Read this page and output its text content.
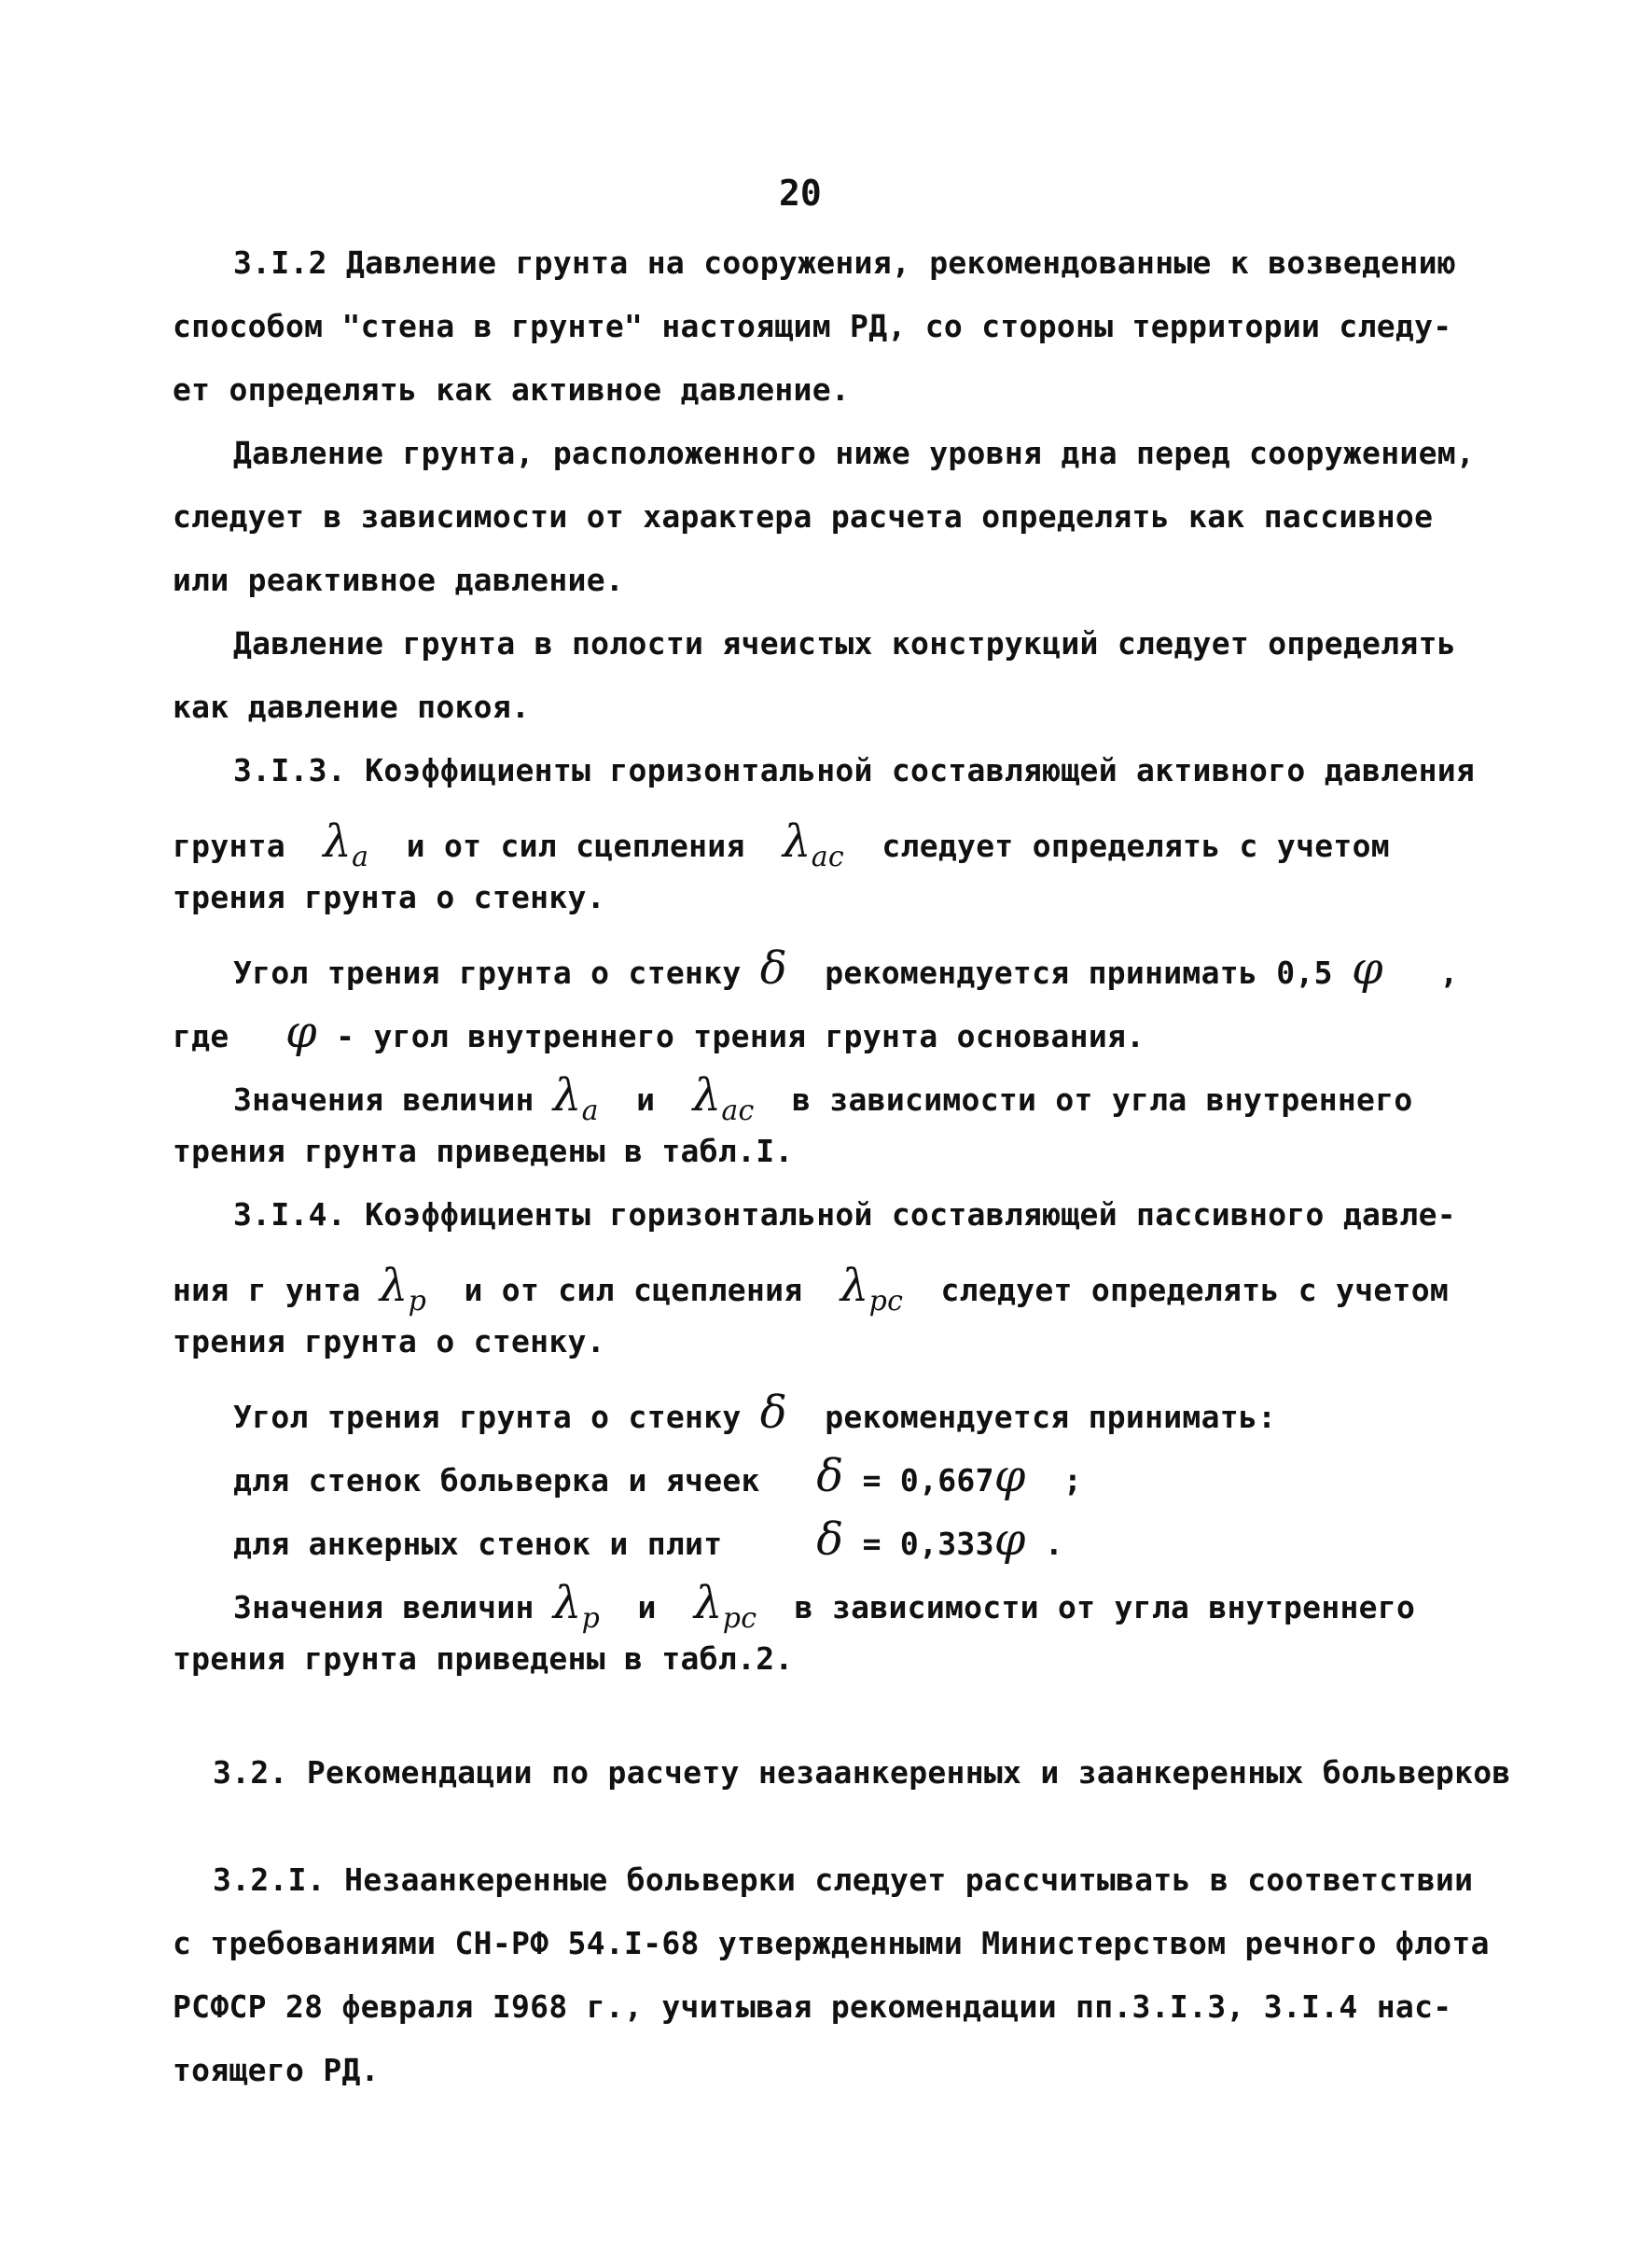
20
3.I.2 Давление грунта на сооружения, рекомендованные к возведению
способом "стена в грунте" настоящим РД, со стороны территории следу-
ет определять как активное давление.
Давление грунта, расположенного ниже уровня дна перед сооружением,
следует в зависимости от характера расчета определять как пассивное
или реактивное давление.
Давление грунта в полости ячеистых конструкций следует определять
как давление покоя.
3.I.3. Коэффициенты горизонтальной составляющей активного давления
грунта $\lambda_a$ и от сил сцепления $\lambda_{ac}$ следует определять с учетом
трения грунта о стенку.
Угол трения грунта о стенку δ рекомендуется принимать 0,5 φ ,
где φ - угол внутреннего трения грунта основания.
Значения величин $\lambda_a$ и $\lambda_{ac}$ в зависимости от угла внутреннего
трения грунта приведены в табл.I.
3.I.4. Коэффициенты горизонтальной составляющей пассивного давле-
ния г унта $\lambda_p$ и от сил сцепления $\lambda_{pc}$ следует определять с учетом
трения грунта о стенку.
Угол трения грунта о стенку δ рекомендуется принимать:
для стенок больверка и ячеек δ = 0,667φ ;
для анкерных стенок и плит δ = 0,333φ .
Значения величин $\lambda_p$ и $\lambda_{pc}$ в зависимости от угла внутреннего
трения грунта приведены в табл.2.
3.2. Рекомендации по расчету незаанкеренных и заанкеренных больверков
3.2.I. Незаанкеренные больверки следует рассчитывать в соответствии
с требованиями СН-РФ 54.I-68 утвержденными Министерством речного флота
РСФСР 28 февраля I968 г., учитывая рекомендации пп.3.I.3, 3.I.4 нас-
тоящего РД.
